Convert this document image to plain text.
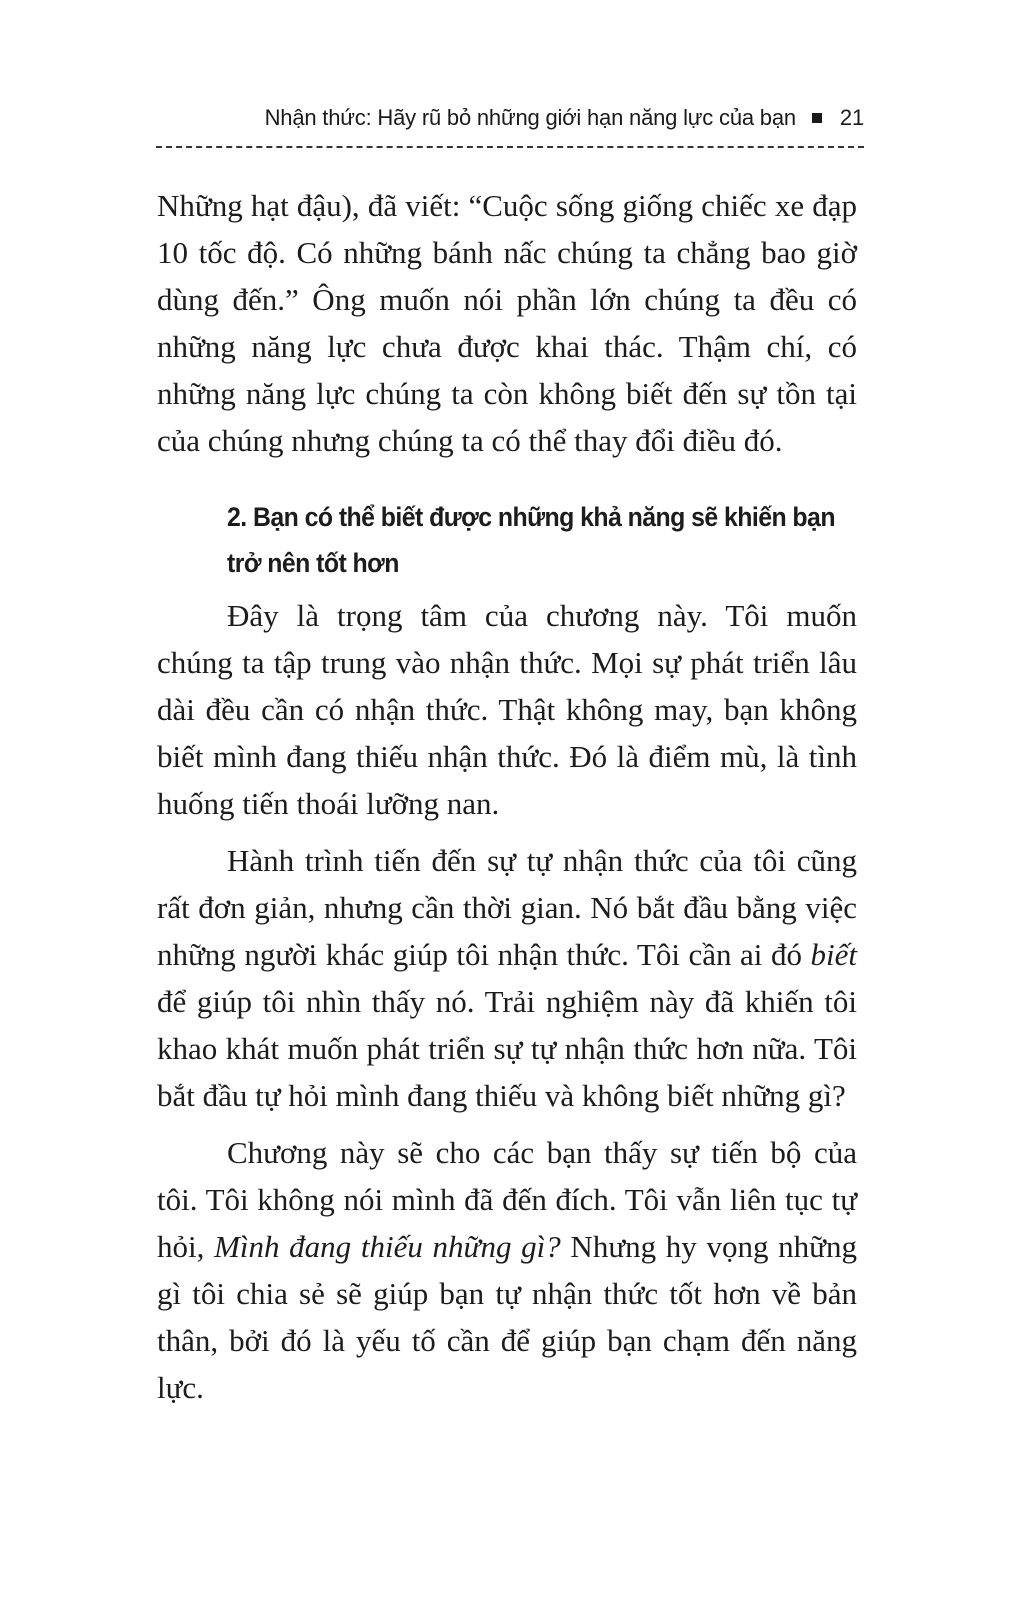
Nhận thức: Hãy rũ bỏ những giới hạn năng lực của bạn 21

Những hạt đậu), đã viết: “Cuộc sống giống chiếc xe đạp 10 tốc độ. Có những bánh nấc chúng ta chẳng bao giờ dùng đến.” Ông muốn nói phần lớn chúng ta đều có những năng lực chưa được khai thác. Thậm chí, có những năng lực chúng ta còn không biết đến sự tồn tại của chúng nhưng chúng ta có thể thay đổi điều đó.

2. Bạn có thể biết được những khả năng sẽ khiến bạn trở nên tốt hơn

Đây là trọng tâm của chương này. Tôi muốn chúng ta tập trung vào nhận thức. Mọi sự phát triển lâu dài đều cần có nhận thức. Thật không may, bạn không biết mình đang thiếu nhận thức. Đó là điểm mù, là tình huống tiến thoái lưỡng nan.

Hành trình tiến đến sự tự nhận thức của tôi cũng rất đơn giản, nhưng cần thời gian. Nó bắt đầu bằng việc những người khác giúp tôi nhận thức. Tôi cần ai đó biết để giúp tôi nhìn thấy nó. Trải nghiệm này đã khiến tôi khao khát muốn phát triển sự tự nhận thức hơn nữa. Tôi bắt đầu tự hỏi mình đang thiếu và không biết những gì?

Chương này sẽ cho các bạn thấy sự tiến bộ của tôi. Tôi không nói mình đã đến đích. Tôi vẫn liên tục tự hỏi, Mình đang thiếu những gì? Nhưng hy vọng những gì tôi chia sẻ sẽ giúp bạn tự nhận thức tốt hơn về bản thân, bởi đó là yếu tố cần để giúp bạn chạm đến năng lực.
